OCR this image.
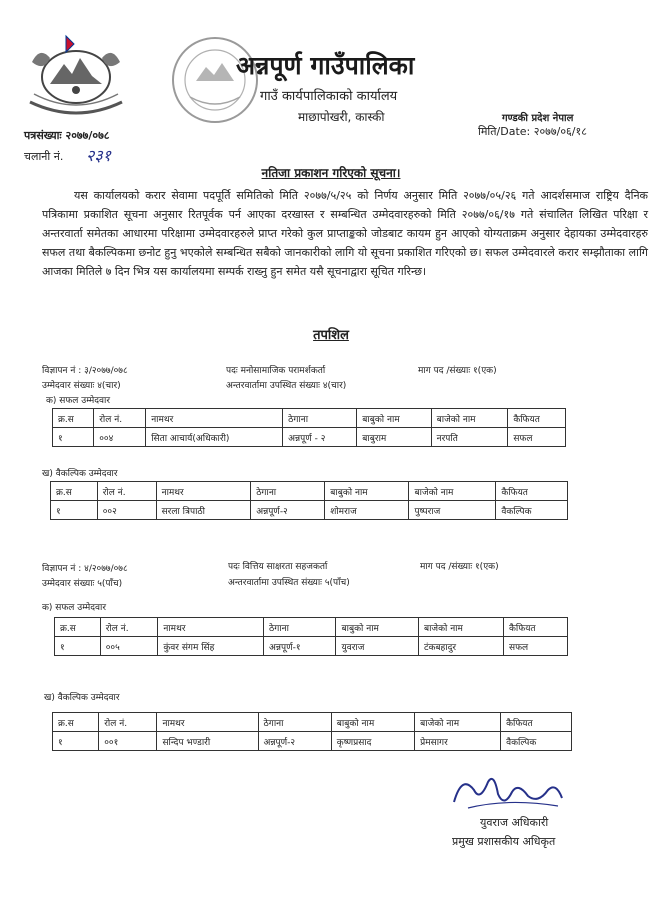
अन्नपूर्ण गाउँपालिका
गाउँ कार्यपालिकाको कार्यालय
माछापोखरी, कास्की	गण्डकी प्रदेश नेपाल
मिति/Date: २०७७/०६/१८
पत्रसंख्याः २०७७/०७८
चलानी नं. २३१
नतिजा प्रकाशन गरिएको सूचना।

यस कार्यालयको करार सेवामा पदपूर्ति समितिको मिति २०७७/५/२५ को निर्णय अनुसार मिति २०७७/०५/२६ गते आदर्शसमाज राष्ट्रिय दैनिक पत्रिकामा प्रकाशित सूचना अनुसार रितपूर्वक पर्न आएका दरखास्त र सम्बन्धित उम्मेदवारहरुको मिति २०७७/०६/१७ गते संचालित लिखित परिक्षा र अन्तरवार्ता समेतका आधारमा परिक्षामा उम्मेदवारहरुले प्राप्त गरेको कुल प्राप्ताङ्कको जोडबाट कायम हुन आएको योग्यताक्रम अनुसार देहायका उम्मेदवारहरु सफल तथा बैकल्पिकमा छनोट हुनु भएकोले सम्बन्धित सबैको जानकारीको लागि यो सूचना प्रकाशित गरिएको छ। सफल उम्मेदवारले करार सम्झौताका लागि आजका मितिले ७ दिन भित्र यस कार्यालयमा सम्पर्क राख्नु हुन समेत यसै सूचनाद्वारा सूचित गरिन्छ।

तपशिल
विज्ञापन नं : ३/२०७७/०७८	पदः मनोसामाजिक परामर्शकर्ता	माग पद /संख्याः १(एक)
उम्मेदवार संख्याः ४(चार)	अन्तरवार्तामा उपस्थित संख्याः ४(चार)
क) सफल उम्मेदवार
क्र.स	रोल नं.	नामथर	ठेगाना	बाबुको नाम	बाजेको नाम	कैफियत
१	००४	सिता आचार्य(अधिकारी)	अन्नपूर्ण - २	बाबुराम	नरपति	सफल
ख) वैकल्पिक उम्मेदवार
क्र.स	रोल नं.	नामथर	ठेगाना	बाबुको नाम	बाजेको नाम	कैफियत
१	००२	सरला त्रिपाठी	अन्नपूर्ण-२	शोमराज	पुष्पराज	वैकल्पिक
विज्ञापन नं : ४/२०७७/०७८	पदः वित्तिय साक्षरता सहजकर्ता	माग पद /संख्याः १(एक)
उम्मेदवार संख्याः ५(पाँच)	अन्तरवार्तामा उपस्थित संख्याः ५(पाँच)
क) सफल उम्मेदवार
क्र.स	रोल नं.	नामथर	ठेगाना	बाबुको नाम	बाजेको नाम	कैफियत
१	००५	कुंवर संगम सिंह	अन्नपूर्ण-१	युवराज	टंकबहादुर	सफल
ख) वैकल्पिक उम्मेदवार
क्र.स	रोल नं.	नामथर	ठेगाना	बाबुको नाम	बाजेको नाम	कैफियत
१	००१	सन्दिप भण्डारी	अन्नपूर्ण-२	कृष्णप्रसाद	प्रेमसागर	वैकल्पिक
युवराज अधिकारी
प्रमुख प्रशासकीय अधिकृत
